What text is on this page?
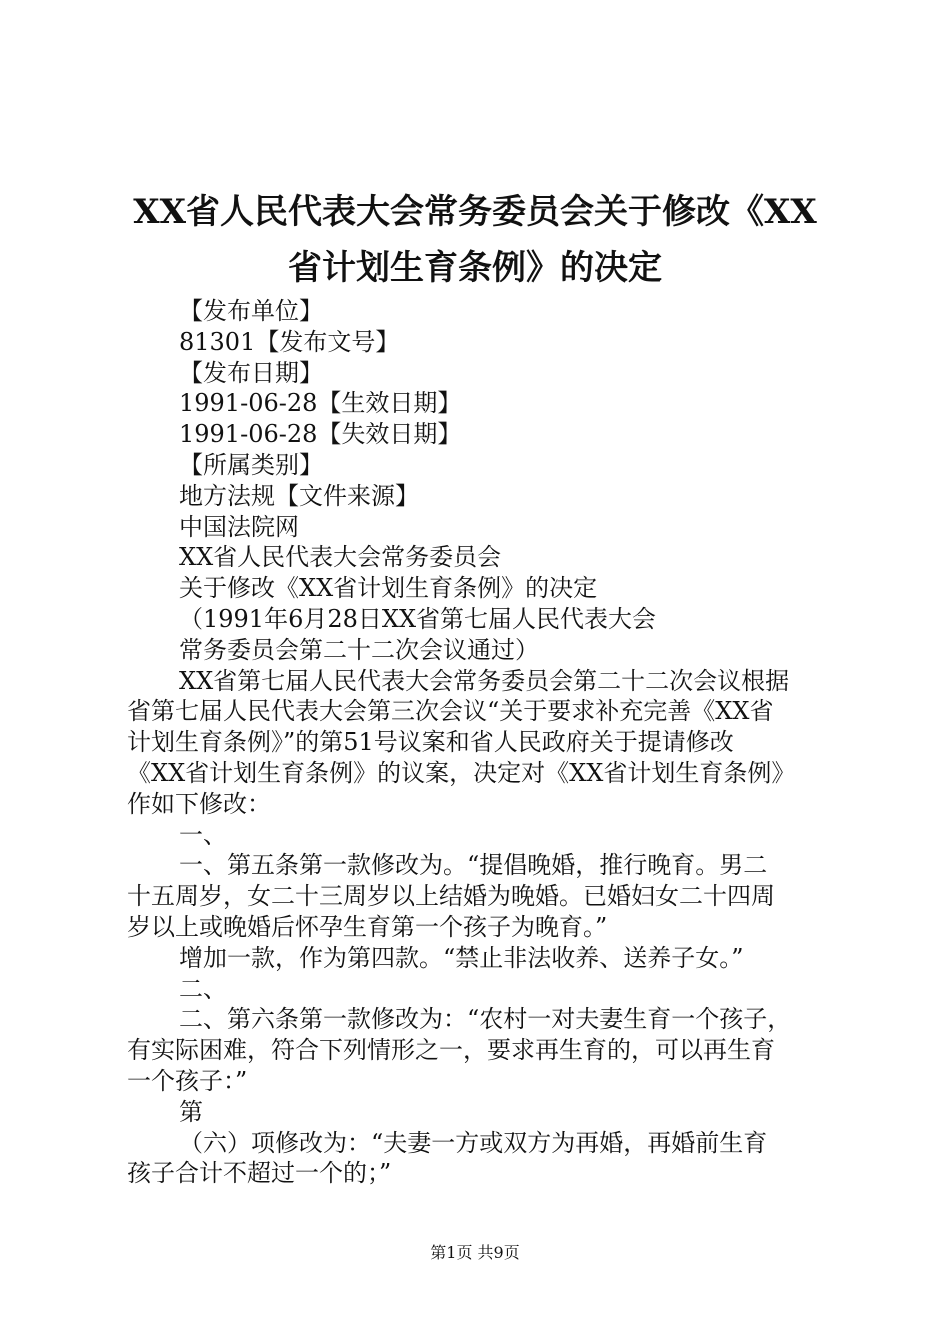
XX省人民代表大会常务委员会关于修改《XX
省计划生育条例》的决定
【发布单位】
81301【发布文号】
【发布日期】
1991-06-28【生效日期】
1991-06-28【失效日期】
【所属类别】
地方法规【文件来源】
中国法院网
XX省人民代表大会常务委员会
关于修改《XX省计划生育条例》的决定
（1991年6月28日XX省第七届人民代表大会
常务委员会第二十二次会议通过）
XX省第七届人民代表大会常务委员会第二十二次会议根据
省第七届人民代表大会第三次会议“关于要求补充完善《XX省
计划生育条例》”的第51号议案和省人民政府关于提请修改
《XX省计划生育条例》的议案，决定对《XX省计划生育条例》
作如下修改：
一、
一、第五条第一款修改为。“提倡晚婚，推行晚育。男二
十五周岁，女二十三周岁以上结婚为晚婚。已婚妇女二十四周
岁以上或晚婚后怀孕生育第一个孩子为晚育。”
增加一款，作为第四款。“禁止非法收养、送养子女。”
二、
二、第六条第一款修改为：“农村一对夫妻生育一个孩子，
有实际困难，符合下列情形之一，要求再生育的，可以再生育
一个孩子：”
第
（六）项修改为：“夫妻一方或双方为再婚，再婚前生育
孩子合计不超过一个的；”
第1页 共9页
